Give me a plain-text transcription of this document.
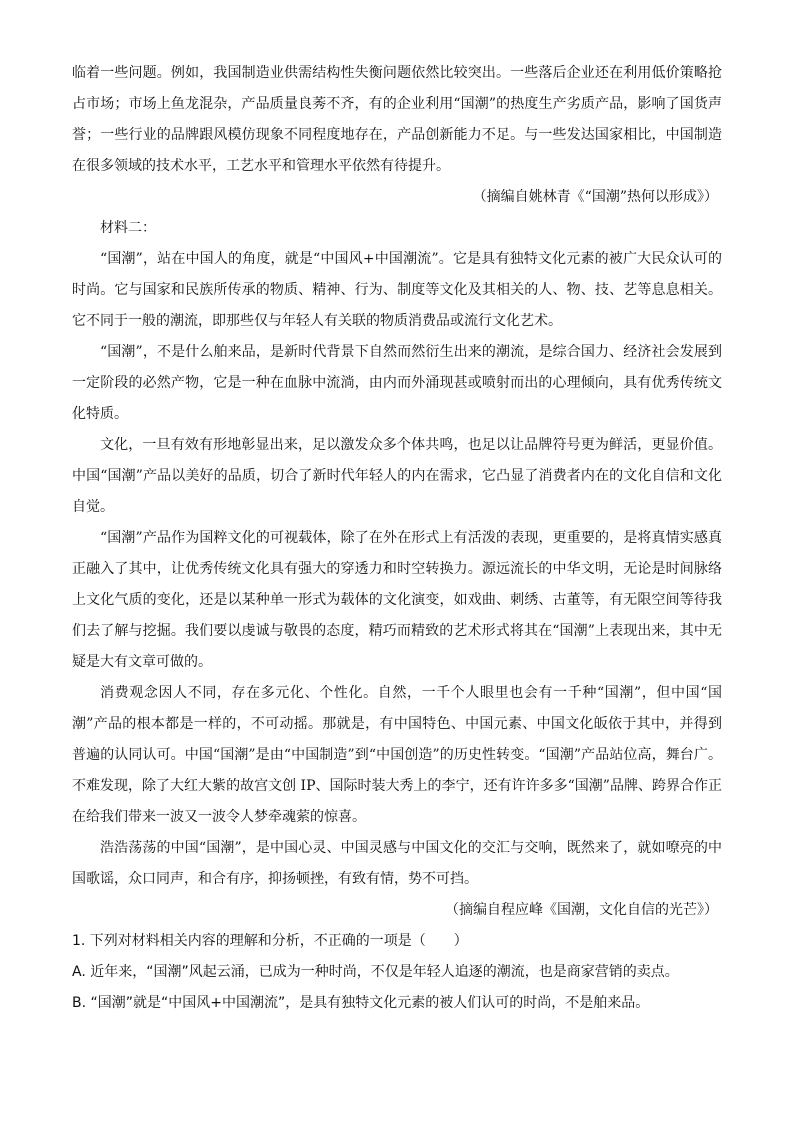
临着一些问题。例如，我国制造业供需结构性失衡问题依然比较突出。一些落后企业还在利用低价策略抢占市场；市场上鱼龙混杂，产品质量良莠不齐，有的企业利用“国潮”的热度生产劣质产品，影响了国货声誉；一些行业的品牌跟风模仿现象不同程度地存在，产品创新能力不足。与一些发达国家相比，中国制造在很多领域的技术水平，工艺水平和管理水平依然有待提升。

（摘编自姚林青《“国潮”热何以形成》）

材料二：

“国潮”，站在中国人的角度，就是“中国风+中国潮流”。它是具有独特文化元素的被广大民众认可的时尚。它与国家和民族所传承的物质、精神、行为、制度等文化及其相关的人、物、技、艺等息息相关。它不同于一般的潮流，即那些仅与年轻人有关联的物质消费品或流行文化艺术。

“国潮”，不是什么舶来品，是新时代背景下自然而然衍生出来的潮流，是综合国力、经济社会发展到一定阶段的必然产物，它是一种在血脉中流淌，由内而外涌现甚或喷射而出的心理倾向，具有优秀传统文化特质。

文化，一旦有效有形地彰显出来，足以激发众多个体共鸣，也足以让品牌符号更为鲜活，更显价值。中国“国潮”产品以美好的品质，切合了新时代年轻人的内在需求，它凸显了消费者内在的文化自信和文化自觉。

“国潮”产品作为国粹文化的可视载体，除了在外在形式上有活泼的表现，更重要的，是将真情实感真正融入了其中，让优秀传统文化具有强大的穿透力和时空转换力。源远流长的中华文明，无论是时间脉络上文化气质的变化，还是以某种单一形式为载体的文化演变，如戏曲、刺绣、古董等，有无限空间等待我们去了解与挖掘。我们要以虔诚与敬畏的态度，精巧而精致的艺术形式将其在“国潮”上表现出来，其中无疑是大有文章可做的。

消费观念因人不同，存在多元化、个性化。自然，一千个人眼里也会有一千种“国潮”，但中国“国潮”产品的根本都是一样的，不可动摇。那就是，有中国特色、中国元素、中国文化皈依于其中，并得到普遍的认同认可。中国“国潮”是由“中国制造”到“中国创造”的历史性转变。“国潮”产品站位高，舞台广。不难发现，除了大红大紫的故宫文创 IP、国际时装大秀上的李宁，还有许许多多“国潮”品牌、跨界合作正在给我们带来一波又一波令人梦牵魂萦的惊喜。

浩浩荡荡的中国“国潮”，是中国心灵、中国灵感与中国文化的交汇与交响，既然来了，就如嘹亮的中国歌谣，众口同声，和合有序，抑扬顿挫，有致有情，势不可挡。

（摘编自程应峰《国潮，文化自信的光芒》）

1. 下列对材料相关内容的理解和分析，不正确的一项是（　　）

A. 近年来，“国潮”风起云涌，已成为一种时尚，不仅是年轻人追逐的潮流，也是商家营销的卖点。

B. “国潮”就是“中国风+中国潮流”，是具有独特文化元素的被人们认可的时尚，不是舶来品。
